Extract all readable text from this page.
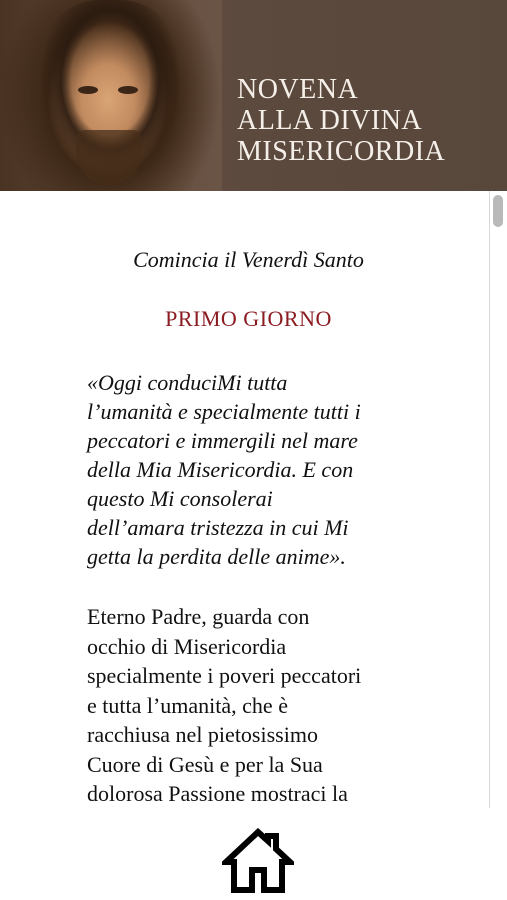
NOVENA
ALLA DIVINA
MISERICORDIA
Comincia il Venerdì Santo
PRIMO GIORNO
«Oggi conduciMi tutta
l’umanità e specialmente tutti i
peccatori e immergili nel mare
della Mia Misericordia. E con
questo Mi consolerai
dell’amara tristezza in cui Mi
getta la perdita delle anime».
Eterno Padre, guarda con
occhio di Misericordia
specialmente i poveri peccatori
e tutta l’umanità, che è
racchiusa nel pietosissimo
Cuore di Gesù e per la Sua
dolorosa Passione mostraci la
